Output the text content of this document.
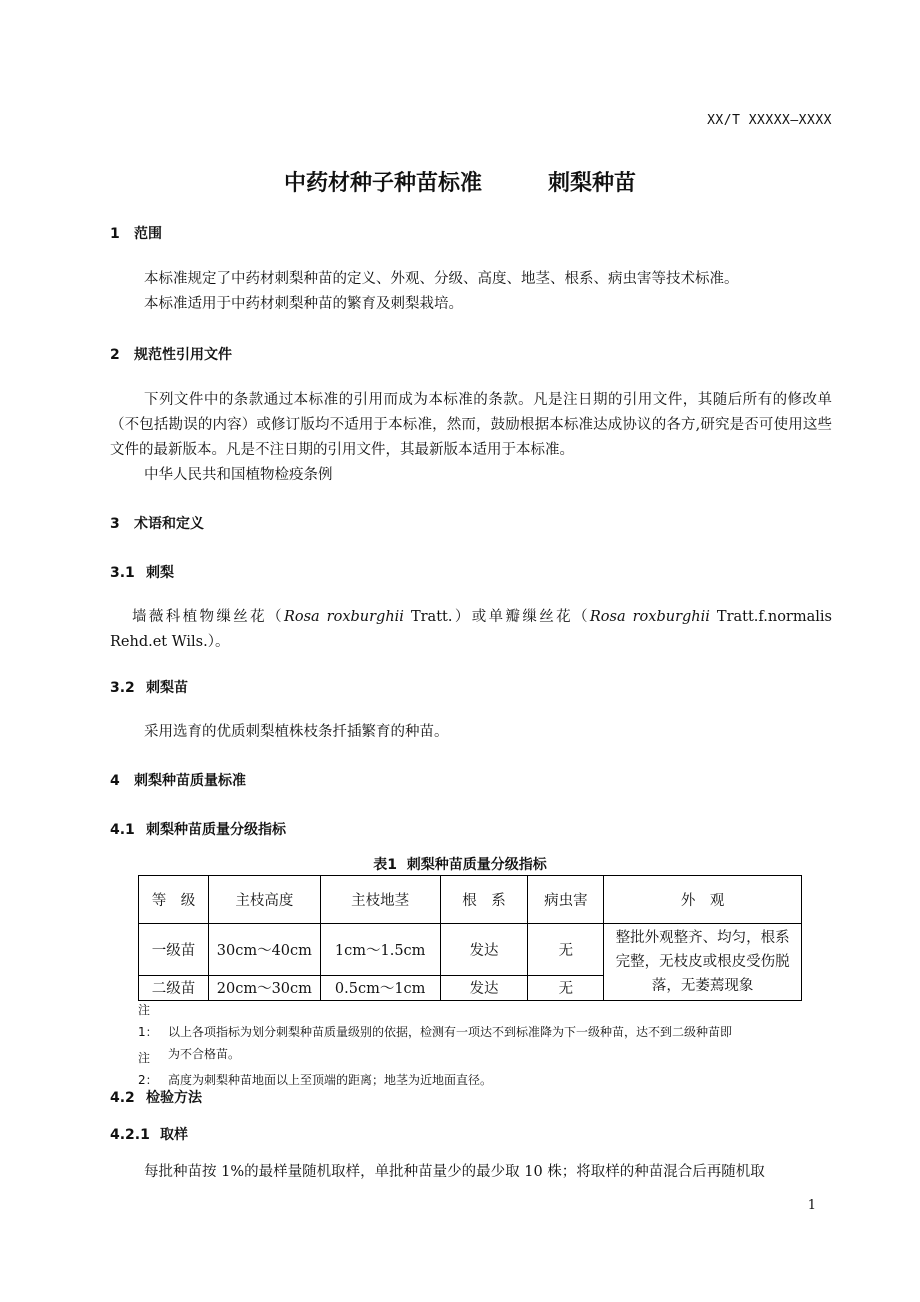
XX/T XXXXX—XXXX
中药材种子种苗标准　　　	刺梨种苗
1 范围
本标准规定了中药材刺梨种苗的定义、外观、分级、高度、地茎、根系、病虫害等技术标准。
本标准适用于中药材刺梨种苗的繁育及刺梨栽培。
2 规范性引用文件
下列文件中的条款通过本标准的引用而成为本标准的条款。凡是注日期的引用文件，其随后所有的修改单（不包括勘误的内容）或修订版均不适用于本标准，然而，鼓励根据本标准达成协议的各方,研究是否可使用这些文件的最新版本。凡是不注日期的引用文件，其最新版本适用于本标准。
中华人民共和国植物检疫条例
3 术语和定义
3.1 刺梨
墙薇科植物缫丝花（Rosa roxburghii Tratt.）或单瓣缫丝花（Rosa roxburghii Tratt.f.normalis Rehd.et Wils.）。
3.2 刺梨苗
采用选育的优质刺梨植株枝条扦插繁育的种苗。
4 刺梨种苗质量标准
4.1 刺梨种苗质量分级指标
表1  刺梨种苗质量分级指标
等　级	主枝高度	主枝地茎	根　系	病虫害	外　观
一级苗	30cm～40cm	1cm～1.5cm	发达	无	整批外观整齐、均匀，根系完整，无枝皮或根皮受伤脱落，无萎蔫现象
二级苗	20cm～30cm	0.5cm～1cm	发达	无	
注1： 以上各项指标为划分刺梨种苗质量级别的依据，检测有一项达不到标准降为下一级种苗，达不到二级种苗即
为不合格苗。
注2： 高度为刺梨种苗地面以上至顶端的距离；地茎为近地面直径。
4.2 检验方法
4.2.1 取样
每批种苗按 1%的最样量随机取样，单批种苗量少的最少取 10 株；将取样的种苗混合后再随机取
1
